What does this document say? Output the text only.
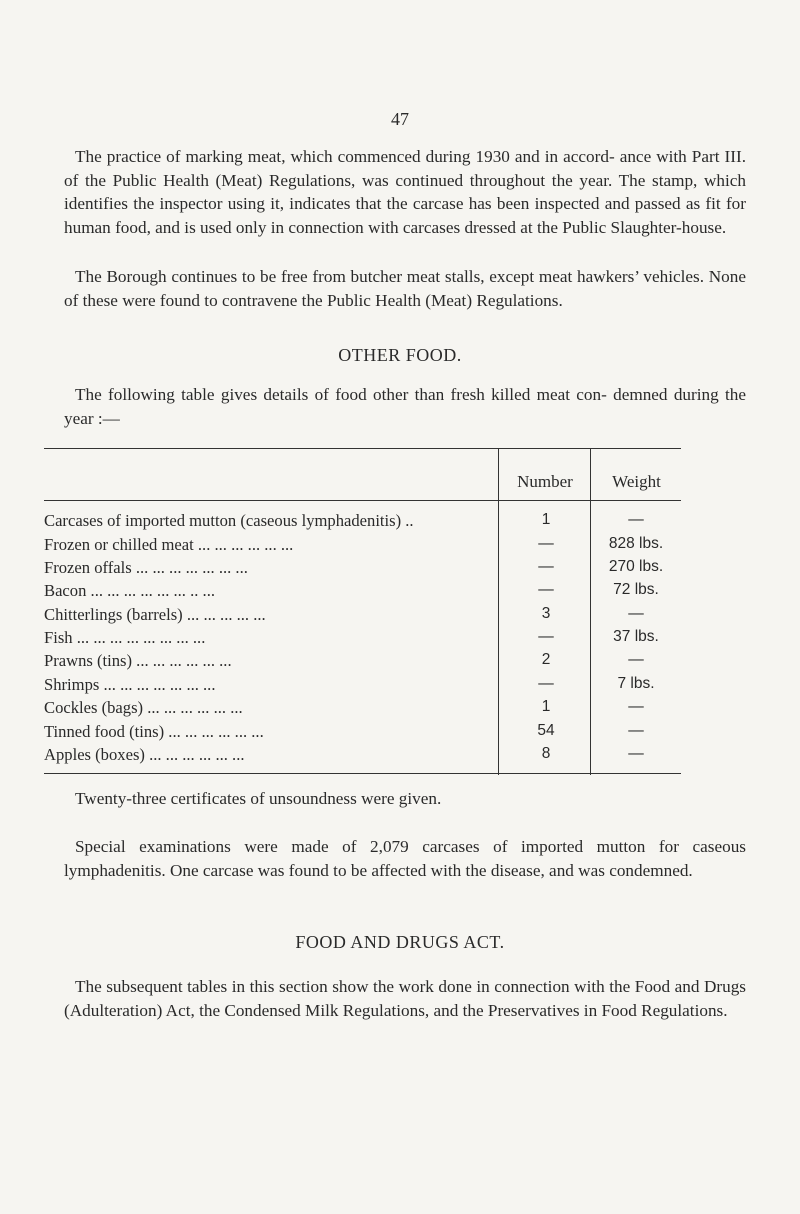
47

The practice of marking meat, which commenced during 1930 and in accord- ance with Part III. of the Public Health (Meat) Regulations, was continued throughout the year. The stamp, which identifies the inspector using it, indicates that the carcase has been inspected and passed as fit for human food, and is used only in connection with carcases dressed at the Public Slaughter-house.

The Borough continues to be free from butcher meat stalls, except meat hawkers’ vehicles. None of these were found to contravene the Public Health (Meat) Regulations.

OTHER FOOD.

The following table gives details of food other than fresh killed meat con- demned during the year :—

Number	Weight
Carcases of imported mutton (caseous lymphadenitis) ..	1	—
Frozen or chilled meat ... ... ... ... ... ...	—	828 lbs.
Frozen offals ... ... ... ... ... ... ...	—	270 lbs.
Bacon ... ... ... ... ... ... .. ...	—	72 lbs.
Chitterlings (barrels) ... ... ... ... ...	3	—
Fish ... ... ... ... ... ... ... ...	—	37 lbs.
Prawns (tins) ... ... ... ... ... ...	2	—
Shrimps ... ... ... ... ... ... ...	—	7 lbs.
Cockles (bags) ... ... ... ... ... ...	1	—
Tinned food (tins) ... ... ... ... ... ...	54	—
Apples (boxes) ... ... ... ... ... ...	8	—

Twenty-three certificates of unsoundness were given.

Special examinations were made of 2,079 carcases of imported mutton for caseous lymphadenitis. One carcase was found to be affected with the disease, and was condemned.

FOOD AND DRUGS ACT.

The subsequent tables in this section show the work done in connection with the Food and Drugs (Adulteration) Act, the Condensed Milk Regulations, and the Preservatives in Food Regulations.
